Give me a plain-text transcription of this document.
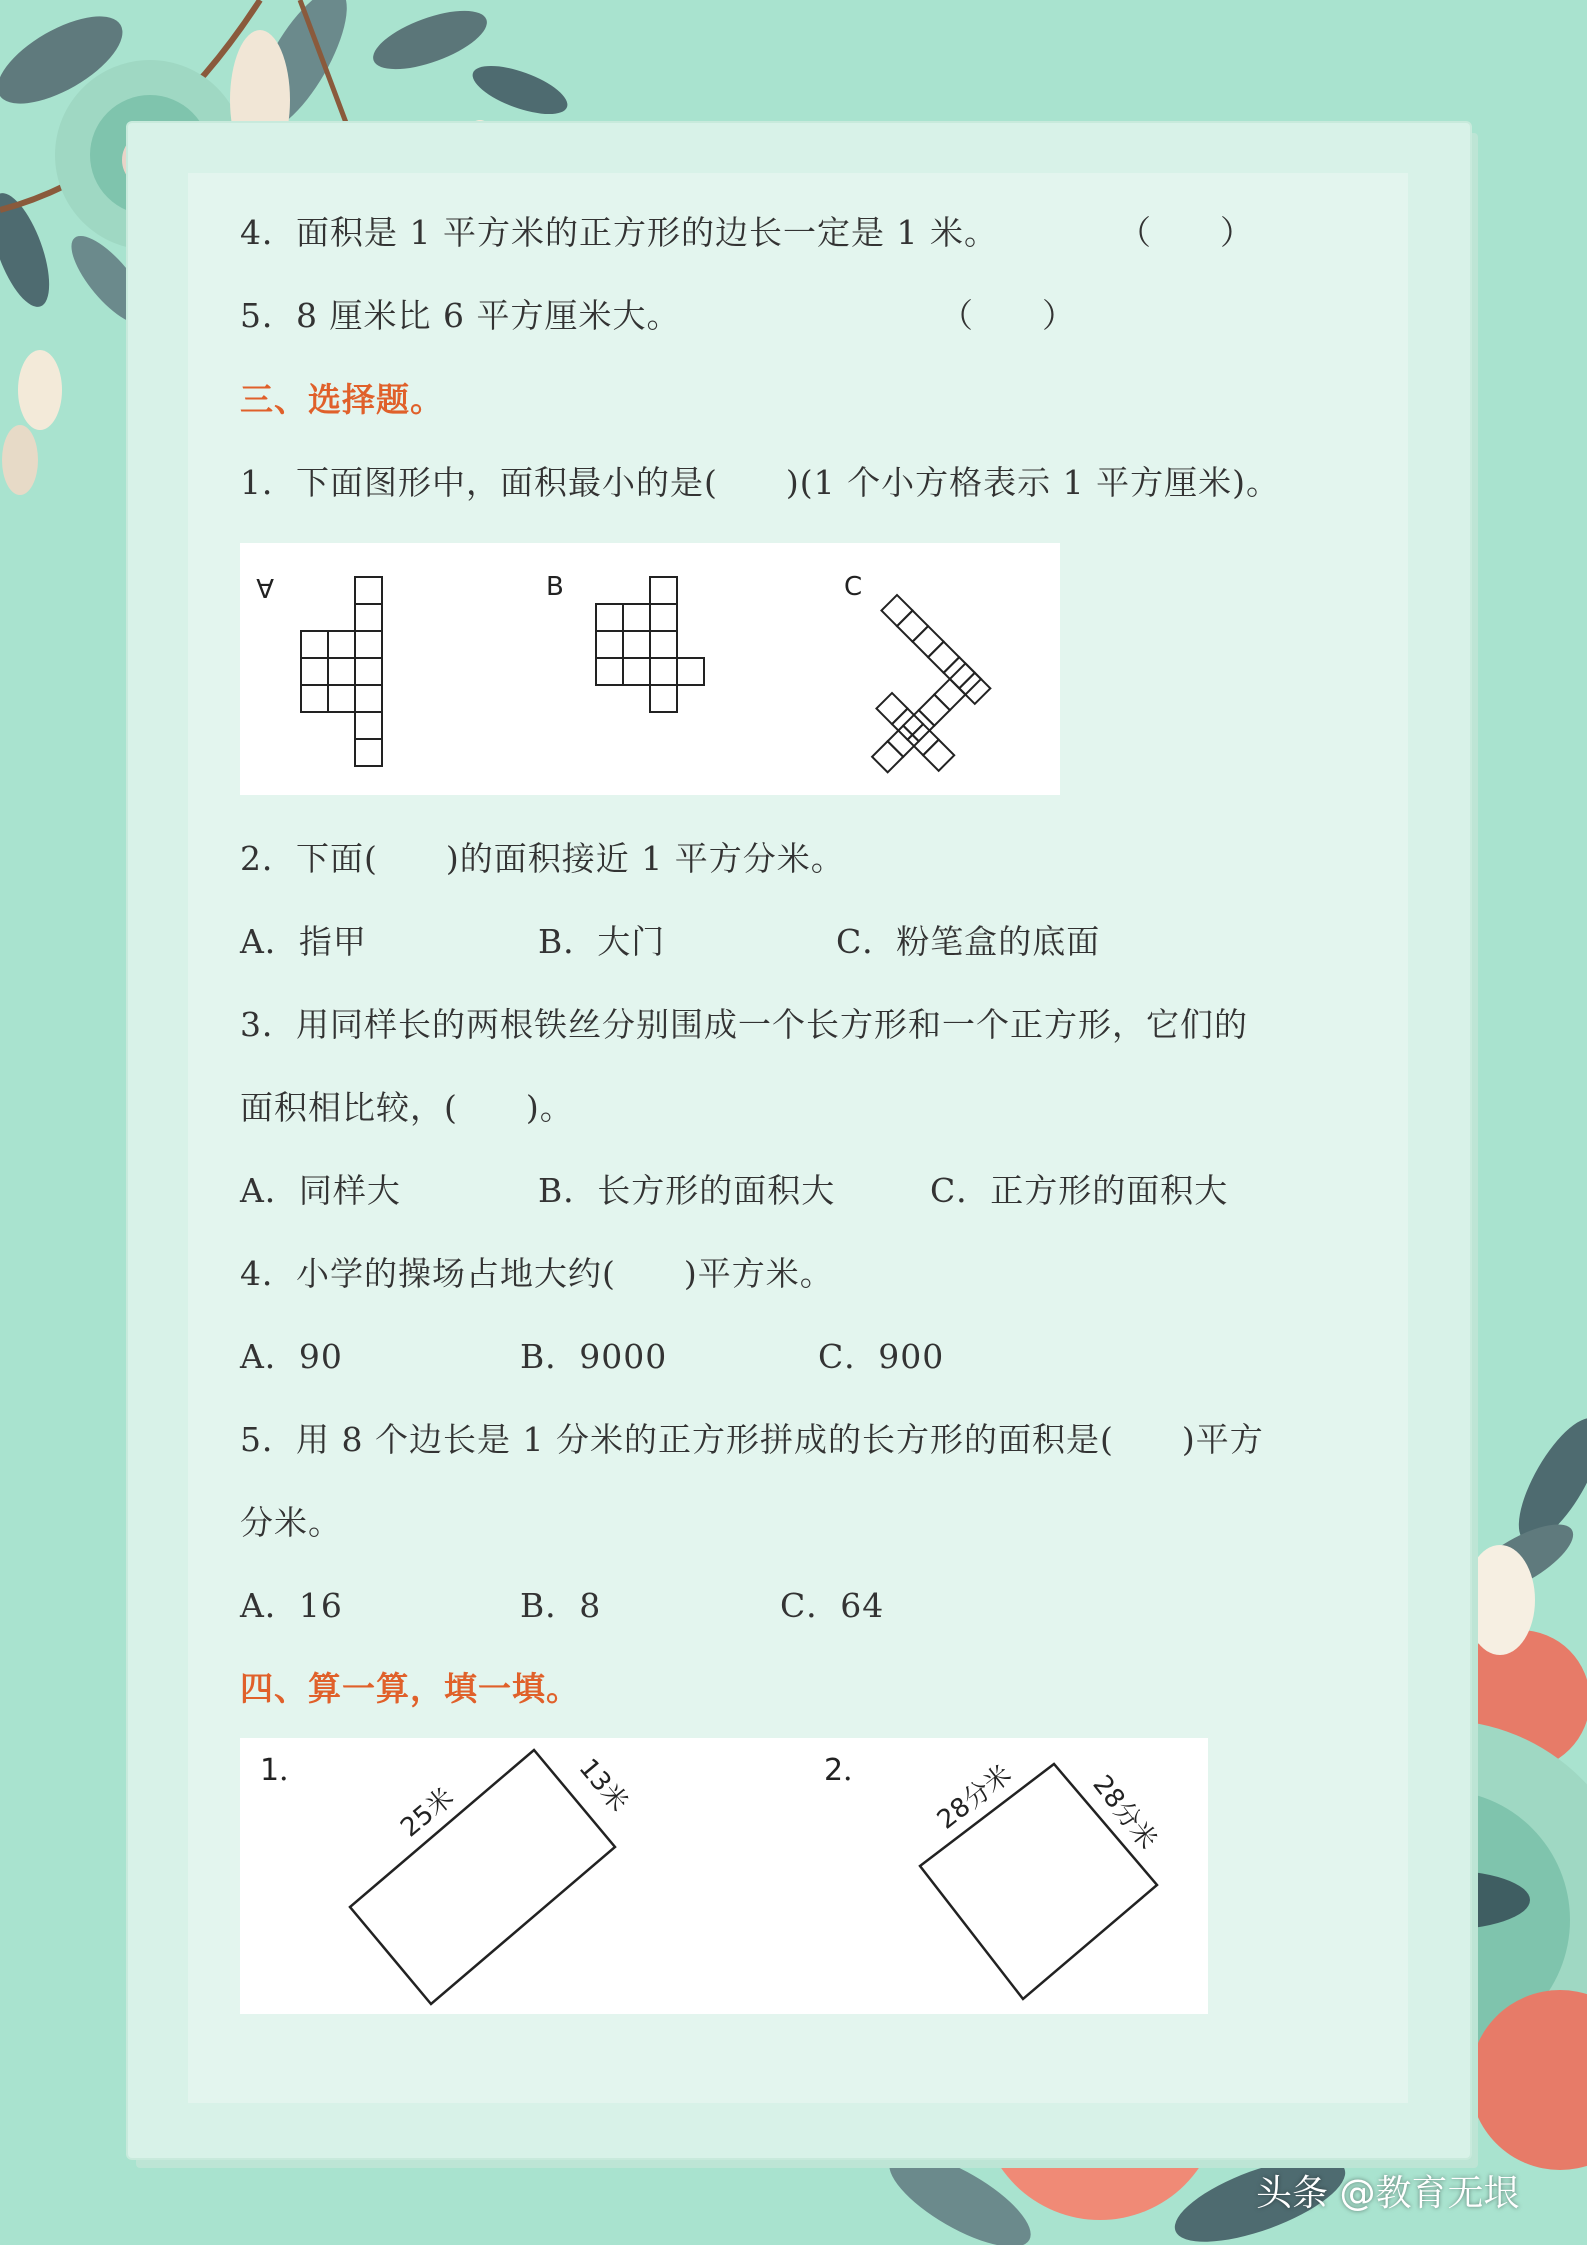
4．面积是 1 平方米的正方形的边长一定是 1 米。	（　　）
5．8 厘米比 6 平方厘米大。	（　　）
三、选择题。
1．下面图形中，面积最小的是(　　)(1 个小方格表示 1 平方厘米)。
A	B	C
2．下面(　　)的面积接近 1 平方分米。
A．指甲	B．大门	C．粉笔盒的底面
3．用同样长的两根铁丝分别围成一个长方形和一个正方形，它们的
面积相比较，(　　)。
A．同样大	B．长方形的面积大	C．正方形的面积大
4．小学的操场占地大约(　　)平方米。
A．90	B．9000	C．900
5．用 8 个边长是 1 分米的正方形拼成的长方形的面积是(　　)平方
分米。
A．16	B．8	C．64
四、算一算，填一填。
1．	2．
25米	13米	28分米	28分米
头条 @教育无垠
